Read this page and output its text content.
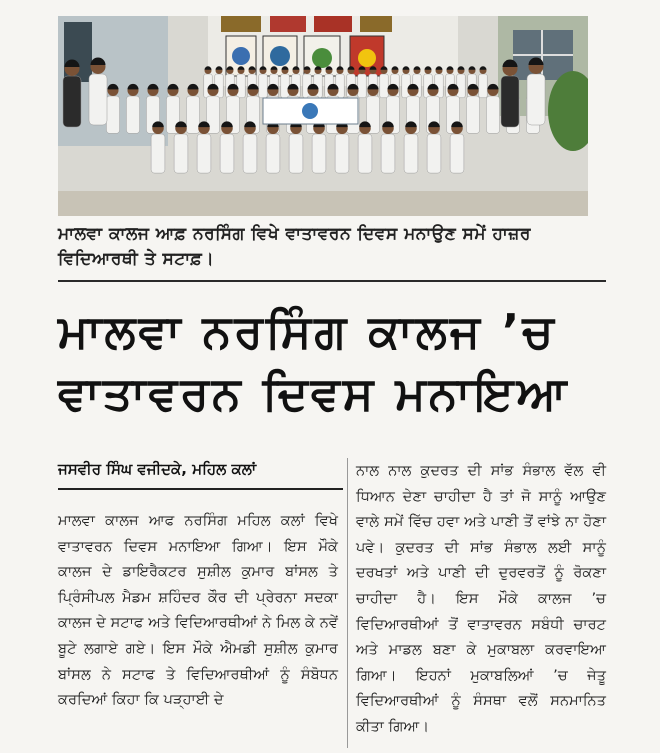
ਮਾਲਵਾ ਕਾਲਜ ਆਫ਼ ਨਰਸਿੰਗ ਵਿਖੇ ਵਾਤਾਵਰਨ ਦਿਵਸ ਮਨਾਉਣ ਸਮੇਂ ਹਾਜ਼ਰ ਵਿਦਿਆਰਥੀ ਤੇ ਸਟਾਫ਼।
ਮਾਲਵਾ ਨਰਸਿੰਗ ਕਾਲਜ ’ਚ
ਵਾਤਾਵਰਨ ਦਿਵਸ ਮਨਾਇਆ
ਜਸਵੀਰ ਸਿੰਘ ਵਜੀਦਕੇ, ਮਹਿਲ ਕਲਾਂ

ਮਾਲਵਾ ਕਾਲਜ ਆਫ ਨਰਸਿੰਗ ਮਹਿਲ ਕਲਾਂ ਵਿਖੇ ਵਾਤਾਵਰਨ ਦਿਵਸ ਮਨਾਇਆ ਗਿਆ। ਇਸ ਮੌਕੇ ਕਾਲਜ ਦੇ ਡਾਇਰੈਕਟਰ ਸੁਸ਼ੀਲ ਕੁਮਾਰ ਬਾਂਸਲ ਤੇ ਪ੍ਰਿੰਸੀਪਲ ਮੈਡਮ ਸ਼ਹਿੰਦਰ ਕੌਰ ਦੀ ਪ੍ਰੇਰਨਾ ਸਦਕਾ ਕਾਲਜ ਦੇ ਸਟਾਫ ਅਤੇ ਵਿਦਿਆਰਥੀਆਂ ਨੇ ਮਿਲ ਕੇ ਨਵੇਂ ਬੂਟੇ ਲਗਾਏ ਗਏ। ਇਸ ਮੌਕੇ ਐਮਡੀ ਸੁਸ਼ੀਲ ਕੁਮਾਰ ਬਾਂਸਲ ਨੇ ਸਟਾਫ ਤੇ ਵਿਦਿਆਰਥੀਆਂ ਨੂੰ ਸੰਬੋਧਨ ਕਰਦਿਆਂ ਕਿਹਾ ਕਿ ਪੜ੍ਹਾਈ ਦੇ

ਨਾਲ ਨਾਲ ਕੁਦਰਤ ਦੀ ਸਾਂਭ ਸੰਭਾਲ ਵੱਲ ਵੀ ਧਿਆਨ ਦੇਣਾ ਚਾਹੀਦਾ ਹੈ ਤਾਂ ਜੋ ਸਾਨੂੰ ਆਉਣ ਵਾਲੇ ਸਮੇਂ ਵਿੱਚ ਹਵਾ ਅਤੇ ਪਾਣੀ ਤੋਂ ਵਾਂਝੇ ਨਾ ਹੋਣਾ ਪਵੇ। ਕੁਦਰਤ ਦੀ ਸਾਂਭ ਸੰਭਾਲ ਲਈ ਸਾਨੂੰ ਦਰਖਤਾਂ ਅਤੇ ਪਾਣੀ ਦੀ ਦੁਰਵਰਤੋਂ ਨੂੰ ਰੋਕਣਾ ਚਾਹੀਦਾ ਹੈ। ਇਸ ਮੌਕੇ ਕਾਲਜ ’ਚ ਵਿਦਿਆਰਥੀਆਂ ਤੋਂ ਵਾਤਾਵਰਨ ਸਬੰਧੀ ਚਾਰਟ ਅਤੇ ਮਾਡਲ ਬਣਾ ਕੇ ਮੁਕਾਬਲਾ ਕਰਵਾਇਆ ਗਿਆ। ਇਹਨਾਂ ਮੁਕਾਬਲਿਆਂ ’ਚ ਜੇਤੂ ਵਿਦਿਆਰਥੀਆਂ ਨੂੰ ਸੰਸਥਾ ਵਲੋਂ ਸਨਮਾਨਿਤ ਕੀਤਾ ਗਿਆ।
